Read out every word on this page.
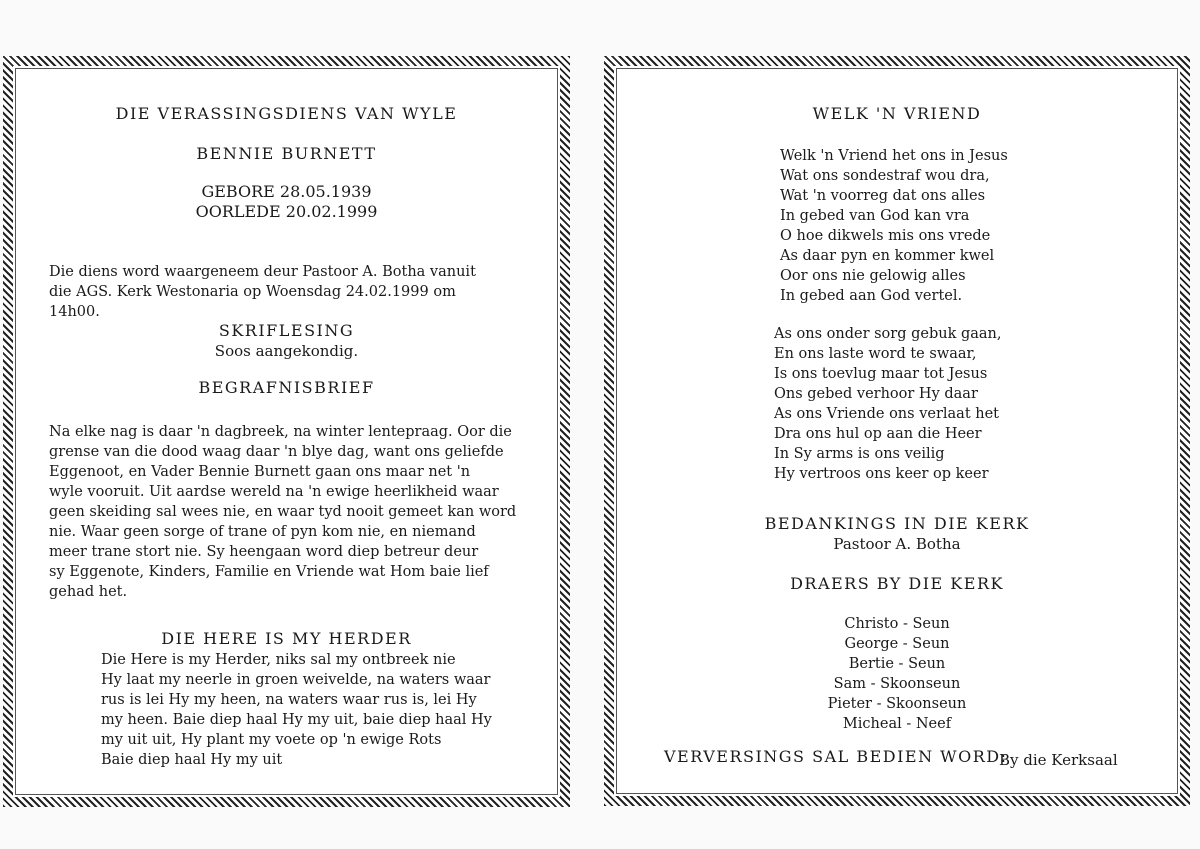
DIE VERASSINGSDIENS VAN WYLE

BENNIE BURNETT

GEBORE 28.05.1939

OORLEDE 20.02.1999

Die diens word waargeneem deur Pastoor A. Botha vanuit
die AGS. Kerk Westonaria op Woensdag 24.02.1999 om
14h00.

SKRIFLESING

Soos aangekondig.

BEGRAFNISBRIEF

Na elke nag is daar 'n dagbreek, na winter lentepraag. Oor die
grense van die dood waag daar 'n blye dag, want ons geliefde
Eggenoot, en Vader Bennie Burnett gaan ons maar net 'n
wyle vooruit. Uit aardse wereld na 'n ewige heerlikheid waar
geen skeiding sal wees nie, en waar tyd nooit gemeet kan word
nie. Waar geen sorge of trane of pyn kom nie, en niemand
meer trane stort nie. Sy heengaan word diep betreur deur
sy Eggenote, Kinders, Familie en Vriende wat Hom baie lief
gehad het.

DIE HERE IS MY HERDER

Die Here is my Herder, niks sal my ontbreek nie
Hy laat my neerle in groen weivelde, na waters waar
rus is lei Hy my heen, na waters waar rus is, lei Hy
my heen. Baie diep haal Hy my uit, baie diep haal Hy
my uit uit, Hy plant my voete op 'n ewige Rots
Baie diep haal Hy my uit

WELK 'N VRIEND

Welk 'n Vriend het ons in Jesus
Wat ons sondestraf wou dra,
Wat 'n voorreg dat ons alles
In gebed van God kan vra
O hoe dikwels mis ons vrede
As daar pyn en kommer kwel
Oor ons nie gelowig alles
In gebed aan God vertel.
As ons onder sorg gebuk gaan,
En ons laste word te swaar,
Is ons toevlug maar tot Jesus
Ons gebed verhoor Hy daar
As ons Vriende ons verlaat het
Dra ons hul op aan die Heer
In Sy arms is ons veilig
Hy vertroos ons keer op keer

BEDANKINGS IN DIE KERK

Pastoor A. Botha

DRAERS BY DIE KERK

Christo - Seun
George - Seun
Bertie - Seun
Sam - Skoonseun
Pieter - Skoonseun
Micheal - Neef

VERVERSINGS SAL BEDIEN WORD:

By die Kerksaal
